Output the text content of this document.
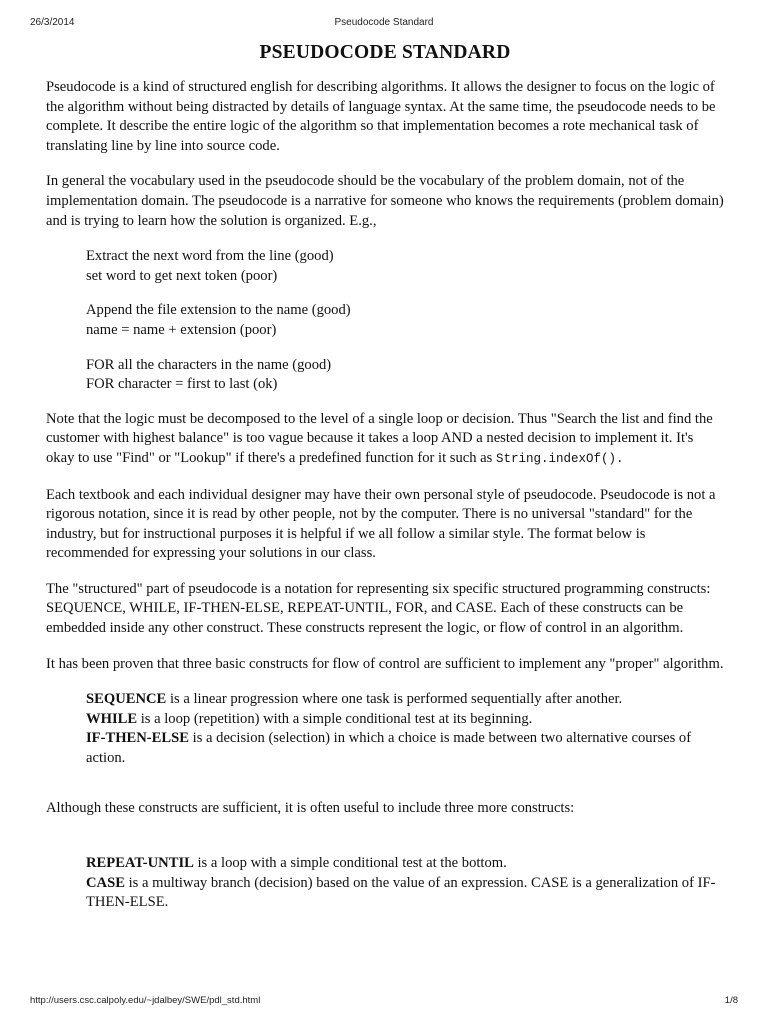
26/3/2014	Pseudocode Standard
PSEUDOCODE STANDARD

Pseudocode is a kind of structured english for describing algorithms. It allows the designer to focus on the logic of the algorithm without being distracted by details of language syntax. At the same time, the pseudocode needs to be complete. It describe the entire logic of the algorithm so that implementation becomes a rote mechanical task of translating line by line into source code.

In general the vocabulary used in the pseudocode should be the vocabulary of the problem domain, not of the implementation domain. The pseudocode is a narrative for someone who knows the requirements (problem domain) and is trying to learn how the solution is organized. E.g.,

Extract the next word from the line (good)
set word to get next token (poor)
Append the file extension to the name (good)
name = name + extension (poor)
FOR all the characters in the name (good)
FOR character = first to last (ok)

Note that the logic must be decomposed to the level of a single loop or decision. Thus "Search the list and find the customer with highest balance" is too vague because it takes a loop AND a nested decision to implement it. It's okay to use "Find" or "Lookup" if there's a predefined function for it such as String.indexOf().

Each textbook and each individual designer may have their own personal style of pseudocode. Pseudocode is not a rigorous notation, since it is read by other people, not by the computer. There is no universal "standard" for the industry, but for instructional purposes it is helpful if we all follow a similar style. The format below is recommended for expressing your solutions in our class.

The "structured" part of pseudocode is a notation for representing six specific structured programming constructs: SEQUENCE, WHILE, IF-THEN-ELSE, REPEAT-UNTIL, FOR, and CASE. Each of these constructs can be embedded inside any other construct. These constructs represent the logic, or flow of control in an algorithm.

It has been proven that three basic constructs for flow of control are sufficient to implement any "proper" algorithm.

SEQUENCE is a linear progression where one task is performed sequentially after another.
WHILE is a loop (repetition) with a simple conditional test at its beginning.
IF-THEN-ELSE is a decision (selection) in which a choice is made between two alternative courses of action.

Although these constructs are sufficient, it is often useful to include three more constructs:

REPEAT-UNTIL is a loop with a simple conditional test at the bottom.
CASE is a multiway branch (decision) based on the value of an expression. CASE is a generalization of IF-THEN-ELSE.
http://users.csc.calpoly.edu/~jdalbey/SWE/pdl_std.html	1/8
